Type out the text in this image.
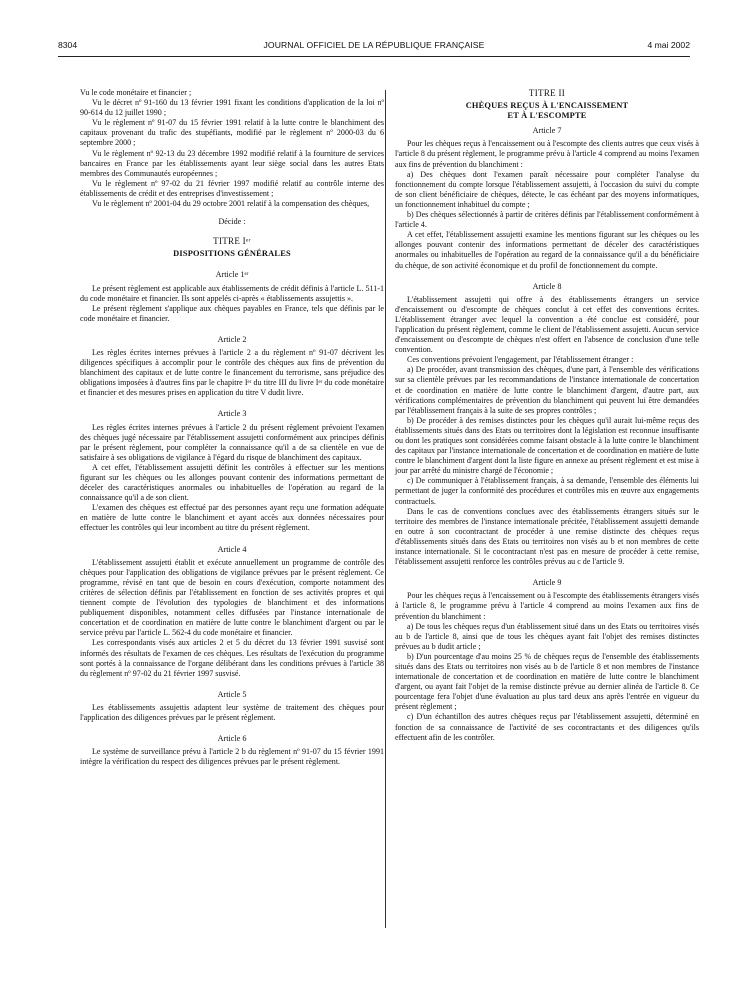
8304	JOURNAL OFFICIEL DE LA RÉPUBLIQUE FRANÇAISE	4 mai 2002

Vu le code monétaire et financier ;

Vu le décret nº 91-160 du 13 février 1991 fixant les conditions d'application de la loi nº 90-614 du 12 juillet 1990 ;

Vu le règlement nº 91-07 du 15 février 1991 relatif à la lutte contre le blanchiment des capitaux provenant du trafic des stupéfiants, modifié par le règlement nº 2000-03 du 6 septembre 2000 ;

Vu le règlement nº 92-13 du 23 décembre 1992 modifié relatif à la fourniture de services bancaires en France par les établissements ayant leur siège social dans les autres Etats membres des Communautés européennes ;

Vu le règlement nº 97-02 du 21 février 1997 modifié relatif au contrôle interne des établissements de crédit et des entreprises d'investissement ;

Vu le règlement nº 2001-04 du 29 octobre 2001 relatif à la compensation des chèques,

Décide :
TITRE Iᵉʳ
DISPOSITIONS GÉNÉRALES
Article 1ᵉʳ

Le présent règlement est applicable aux établissements de crédit définis à l'article L. 511-1 du code monétaire et financier. Ils sont appelés ci-après « établissements assujettis ».

Le présent règlement s'applique aux chèques payables en France, tels que définis par le code monétaire et financier.

Article 2

Les règles écrites internes prévues à l'article 2 a du règlement nº 91-07 décrivent les diligences spécifiques à accomplir pour le contrôle des chèques aux fins de prévention du blanchiment des capitaux et de lutte contre le financement du terrorisme, sans préjudice des obligations imposées à d'autres fins par le chapitre Iᵉʳ du titre III du livre Iᵉʳ du code monétaire et financier et des mesures prises en application du titre V dudit livre.

Article 3

Les règles écrites internes prévues à l'article 2 du présent règlement prévoient l'examen des chèques jugé nécessaire par l'établissement assujetti conformément aux principes définis par le présent règlement, pour compléter la connaissance qu'il a de sa clientèle en vue de satisfaire à ses obligations de vigilance à l'égard du risque de blanchiment des capitaux.

A cet effet, l'établissement assujetti définit les contrôles à effectuer sur les mentions figurant sur les chèques ou les allonges pouvant contenir des informations permettant de déceler des caractéristiques anormales ou inhabituelles de l'opération au regard de la connaissance qu'il a de son client.

L'examen des chèques est effectué par des personnes ayant reçu une formation adéquate en matière de lutte contre le blanchiment et ayant accès aux données nécessaires pour effectuer les contrôles qui leur incombent au titre du présent règlement.

Article 4

L'établissement assujetti établit et exécute annuellement un programme de contrôle des chèques pour l'application des obligations de vigilance prévues par le présent règlement. Ce programme, révisé en tant que de besoin en cours d'exécution, comporte notamment des critères de sélection définis par l'établissement en fonction de ses activités propres et qui tiennent compte de l'évolution des typologies de blanchiment et des informations publiquement disponibles, notamment celles diffusées par l'instance internationale de concertation et de coordination en matière de lutte contre le blanchiment d'argent ou par le service prévu par l'article L. 562-4 du code monétaire et financier.

Les correspondants visés aux articles 2 et 5 du décret du 13 février 1991 susvisé sont informés des résultats de l'examen de ces chèques. Les résultats de l'exécution du programme sont portés à la connaissance de l'organe délibérant dans les conditions prévues à l'article 38 du règlement nº 97-02 du 21 février 1997 susvisé.

Article 5

Les établissements assujettis adaptent leur système de traitement des chèques pour l'application des diligences prévues par le présent règlement.

Article 6

Le système de surveillance prévu à l'article 2 b du règlement nº 91-07 du 15 février 1991 intègre la vérification du respect des diligences prévues par le présent règlement.

TITRE II
CHÈQUES REÇUS À L'ENCAISSEMENT
ET À L'ESCOMPTE
Article 7

Pour les chèques reçus à l'encaissement ou à l'escompte des clients autres que ceux visés à l'article 8 du présent règlement, le programme prévu à l'article 4 comprend au moins l'examen aux fins de prévention du blanchiment :

a) Des chèques dont l'examen paraît nécessaire pour compléter l'analyse du fonctionnement du compte lorsque l'établissement assujetti, à l'occasion du suivi du compte de son client bénéficiaire de chèques, détecte, le cas échéant par des moyens informatiques, un fonctionnement inhabituel du compte ;

b) Des chèques sélectionnés à partir de critères définis par l'établissement conformément à l'article 4.

A cet effet, l'établissement assujetti examine les mentions figurant sur les chèques ou les allonges pouvant contenir des informations permettant de déceler des caractéristiques anormales ou inhabituelles de l'opération au regard de la connaissance qu'il a du bénéficiaire du chèque, de son activité économique et du profil de fonctionnement du compte.

Article 8

L'établissement assujetti qui offre à des établissements étrangers un service d'encaissement ou d'escompte de chèques conclut à cet effet des conventions écrites. L'établissement étranger avec lequel la convention a été conclue est considéré, pour l'application du présent règlement, comme le client de l'établissement assujetti. Aucun service d'encaissement ou d'escompte de chèques n'est offert en l'absence de conclusion d'une telle convention.

Ces conventions prévoient l'engagement, par l'établissement étranger :

a) De procéder, avant transmission des chèques, d'une part, à l'ensemble des vérifications sur sa clientèle prévues par les recommandations de l'instance internationale de concertation et de coordination en matière de lutte contre le blanchiment d'argent, d'autre part, aux vérifications complémentaires de prévention du blanchiment qui peuvent lui être demandées par l'établissement français à la suite de ses propres contrôles ;

b) De procéder à des remises distinctes pour les chèques qu'il aurait lui-même reçus des établissements situés dans des Etats ou territoires dont la législation est reconnue insuffisante ou dont les pratiques sont considérées comme faisant obstacle à la lutte contre le blanchiment des capitaux par l'instance internationale de concertation et de coordination en matière de lutte contre le blanchiment d'argent dont la liste figure en annexe au présent règlement et est mise à jour par arrêté du ministre chargé de l'économie ;

c) De communiquer à l'établissement français, à sa demande, l'ensemble des éléments lui permettant de juger la conformité des procédures et contrôles mis en œuvre aux engagements contractuels.

Dans le cas de conventions conclues avec des établissements étrangers situés sur le territoire des membres de l'instance internationale précitée, l'établissement assujetti demande en outre à son cocontractant de procéder à une remise distincte des chèques reçus d'établissements situés dans des Etats ou territoires non visés au b et non membres de cette instance internationale. Si le cocontractant n'est pas en mesure de procéder à cette remise, l'établissement assujetti renforce les contrôles prévus au c de l'article 9.

Article 9

Pour les chèques reçus à l'encaissement ou à l'escompte des établissements étrangers visés à l'article 8, le programme prévu à l'article 4 comprend au moins l'examen aux fins de prévention du blanchiment :

a) De tous les chèques reçus d'un établissement situé dans un des Etats ou territoires visés au b de l'article 8, ainsi que de tous les chèques ayant fait l'objet des remises distinctes prévues au b dudit article ;

b) D'un pourcentage d'au moins 25 % de chèques reçus de l'ensemble des établissements situés dans des Etats ou territoires non visés au b de l'article 8 et non membres de l'instance internationale de concertation et de coordination en matière de lutte contre le blanchiment d'argent, ou ayant fait l'objet de la remise distincte prévue au dernier alinéa de l'article 8. Ce pourcentage fera l'objet d'une évaluation au plus tard deux ans après l'entrée en vigueur du présent règlement ;

c) D'un échantillon des autres chèques reçus par l'établissement assujetti, déterminé en fonction de sa connaissance de l'activité de ses cocontractants et des diligences qu'ils effectuent afin de les contrôler.
